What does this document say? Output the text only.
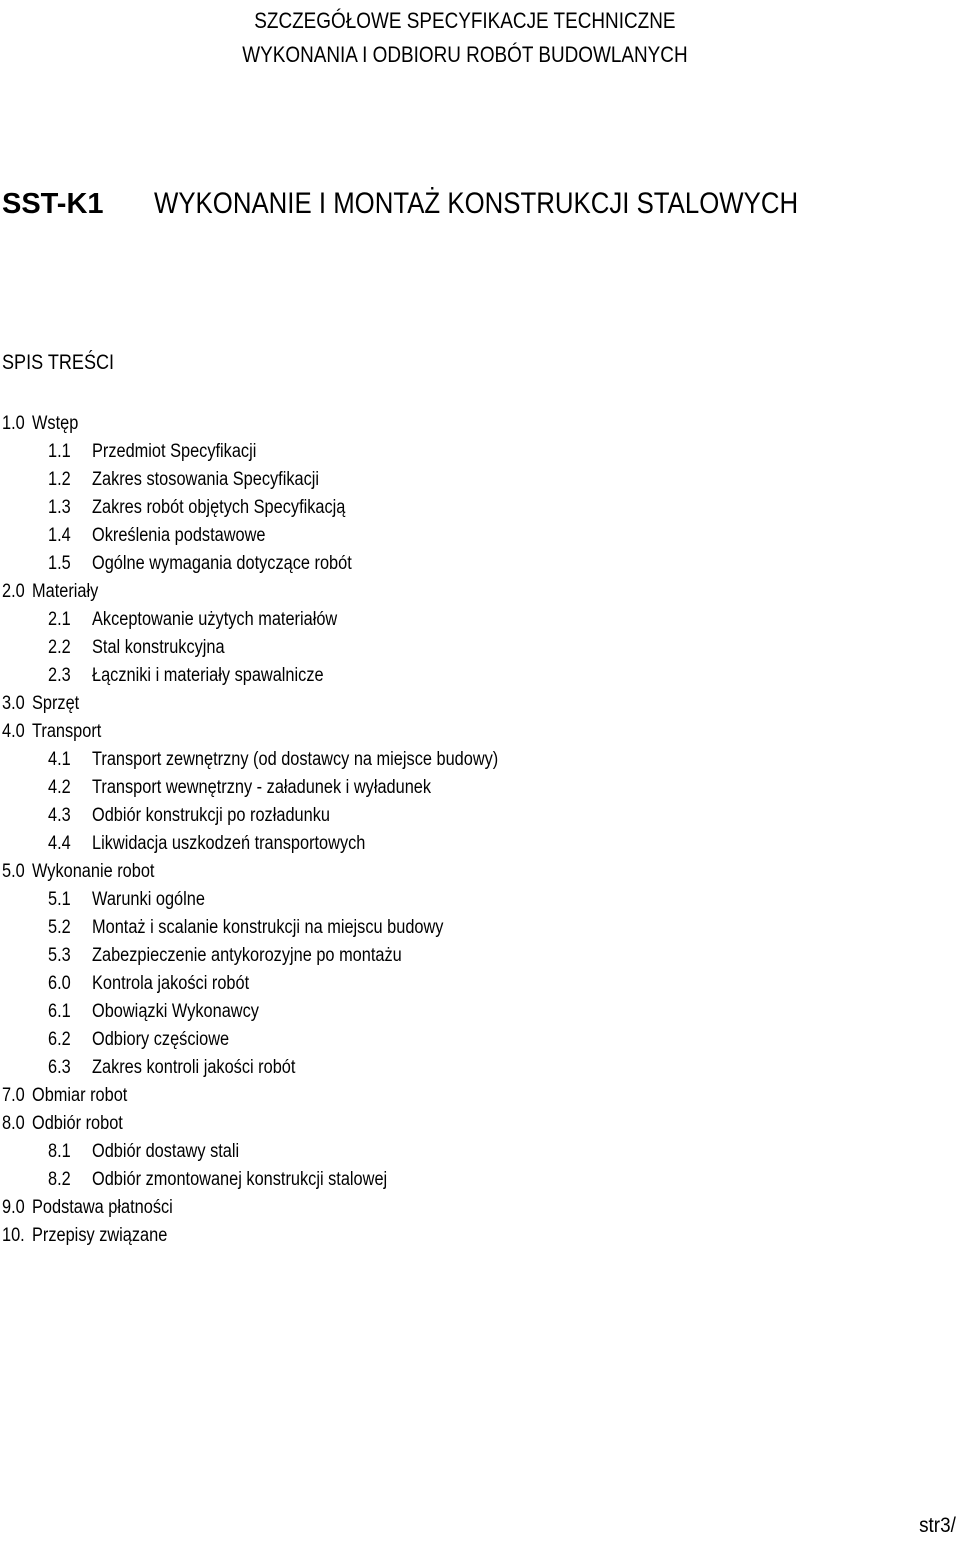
SZCZEGÓŁOWE SPECYFIKACJE TECHNICZNE
WYKONANIA I ODBIORU ROBÓT BUDOWLANYCH
SST-K1 WYKONANIE I MONTAŻ KONSTRUKCJI STALOWYCH
SPIS TREŚCI
1.0 Wstęp
1.1 Przedmiot Specyfikacji
1.2 Zakres stosowania Specyfikacji
1.3 Zakres robót objętych Specyfikacją
1.4 Określenia podstawowe
1.5 Ogólne wymagania dotyczące robót
2.0 Materiały
2.1 Akceptowanie użytych materiałów
2.2 Stal konstrukcyjna
2.3 Łączniki i materiały spawalnicze
3.0 Sprzęt
4.0 Transport
4.1 Transport zewnętrzny (od dostawcy na miejsce budowy)
4.2 Transport wewnętrzny - załadunek i wyładunek
4.3 Odbiór konstrukcji po rozładunku
4.4 Likwidacja uszkodzeń transportowych
5.0 Wykonanie robot
5.1 Warunki ogólne
5.2 Montaż i scalanie konstrukcji na miejscu budowy
5.3 Zabezpieczenie antykorozyjne po montażu
6.0 Kontrola jakości robót
6.1 Obowiązki Wykonawcy
6.2 Odbiory częściowe
6.3 Zakres kontroli jakości robót
7.0 Obmiar robot
8.0 Odbiór robot
8.1 Odbiór dostawy stali
8.2 Odbiór zmontowanej konstrukcji stalowej
9.0 Podstawa płatności
10. Przepisy związane
str3/
